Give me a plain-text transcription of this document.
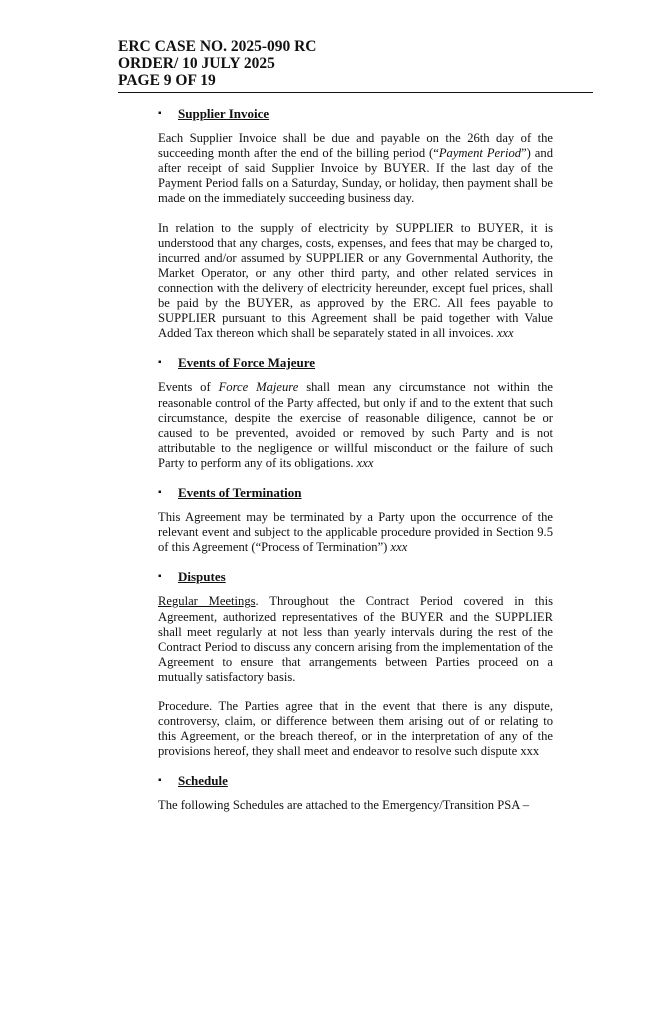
ERC CASE NO. 2025-090 RC
ORDER/ 10 JULY 2025
PAGE 9 OF 19
▪ Supplier Invoice

Each Supplier Invoice shall be due and payable on the 26th day of the succeeding month after the end of the billing period (“Payment Period”) and after receipt of said Supplier Invoice by BUYER. If the last day of the Payment Period falls on a Saturday, Sunday, or holiday, then payment shall be made on the immediately succeeding business day.

In relation to the supply of electricity by SUPPLIER to BUYER, it is understood that any charges, costs, expenses, and fees that may be charged to, incurred and/or assumed by SUPPLIER or any Governmental Authority, the Market Operator, or any other third party, and other related services in connection with the delivery of electricity hereunder, except fuel prices, shall be paid by the BUYER, as approved by the ERC. All fees payable to SUPPLIER pursuant to this Agreement shall be paid together with Value Added Tax thereon which shall be separately stated in all invoices. xxx

▪ Events of Force Majeure

Events of Force Majeure shall mean any circumstance not within the reasonable control of the Party affected, but only if and to the extent that such circumstance, despite the exercise of reasonable diligence, cannot be or caused to be prevented, avoided or removed by such Party and is not attributable to the negligence or willful misconduct or the failure of such Party to perform any of its obligations. xxx

▪ Events of Termination

This Agreement may be terminated by a Party upon the occurrence of the relevant event and subject to the applicable procedure provided in Section 9.5 of this Agreement (“Process of Termination”) xxx

▪ Disputes

Regular Meetings. Throughout the Contract Period covered in this Agreement, authorized representatives of the BUYER and the SUPPLIER shall meet regularly at not less than yearly intervals during the rest of the Contract Period to discuss any concern arising from the implementation of the Agreement to ensure that arrangements between Parties proceed on a mutually satisfactory basis.

Procedure. The Parties agree that in the event that there is any dispute, controversy, claim, or difference between them arising out of or relating to this Agreement, or the breach thereof, or in the interpretation of any of the provisions hereof, they shall meet and endeavor to resolve such dispute xxx

▪ Schedule

The following Schedules are attached to the Emergency/Transition PSA –
